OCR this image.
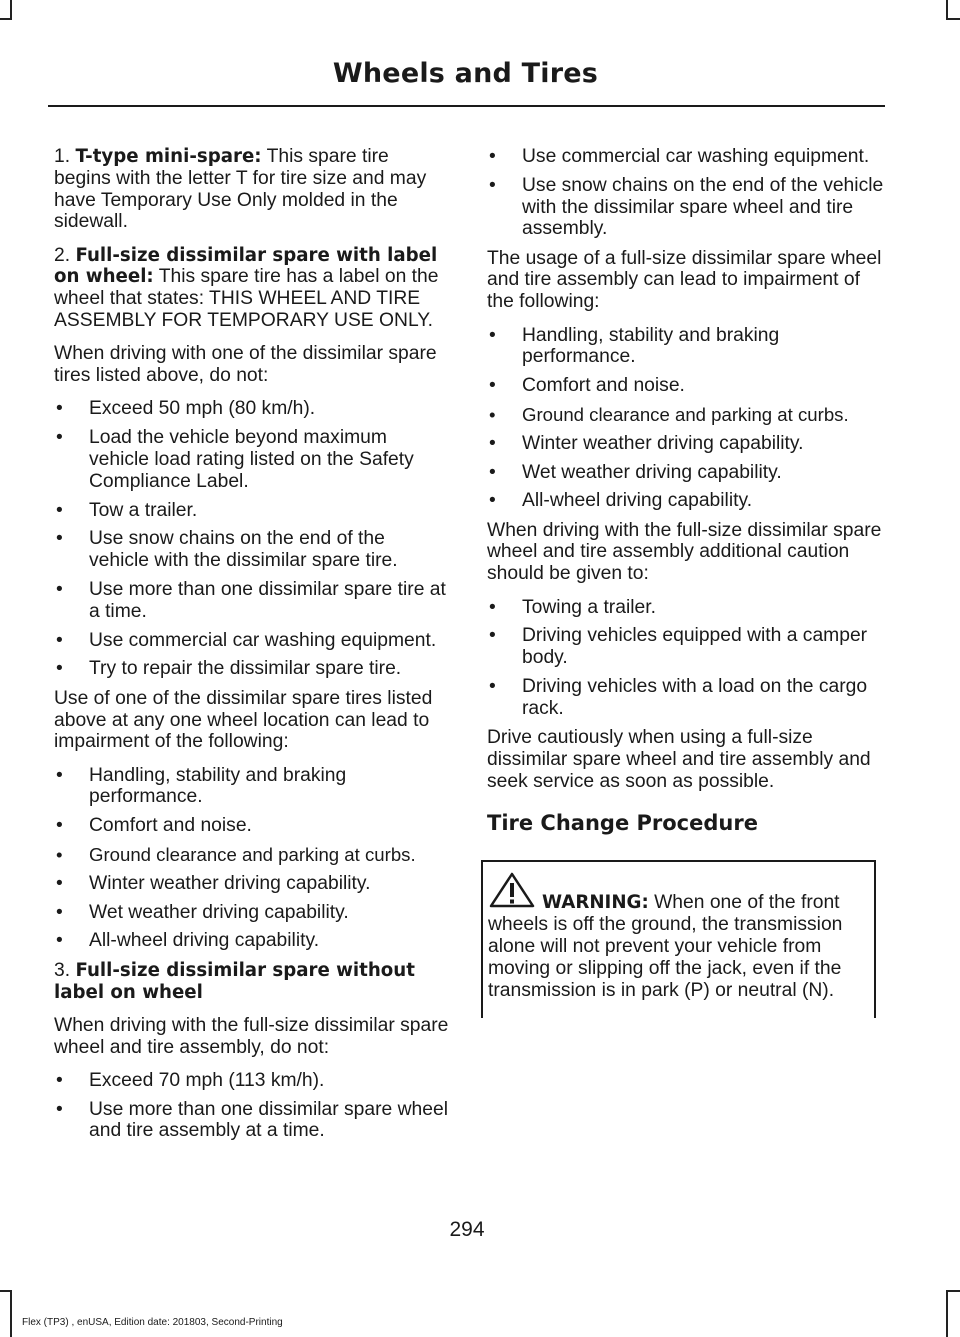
Wheels and Tires

1. T-type mini-spare: This spare tire begins with the letter T for tire size and may have Temporary Use Only molded in the sidewall.

2. Full-size dissimilar spare with label on wheel: This spare tire has a label on the wheel that states: THIS WHEEL AND TIRE ASSEMBLY FOR TEMPORARY USE ONLY.

When driving with one of the dissimilar spare tires listed above, do not:

• Exceed 50 mph (80 km/h).
• Load the vehicle beyond maximum vehicle load rating listed on the Safety Compliance Label.
• Tow a trailer.
• Use snow chains on the end of the vehicle with the dissimilar spare tire.
• Use more than one dissimilar spare tire at a time.
• Use commercial car washing equipment.
• Try to repair the dissimilar spare tire.

Use of one of the dissimilar spare tires listed above at any one wheel location can lead to impairment of the following:

• Handling, stability and braking performance.
• Comfort and noise.
• Ground clearance and parking at curbs.
• Winter weather driving capability.
• Wet weather driving capability.
• All-wheel driving capability.

3. Full-size dissimilar spare without label on wheel

When driving with the full-size dissimilar spare wheel and tire assembly, do not:

• Exceed 70 mph (113 km/h).
• Use more than one dissimilar spare wheel and tire assembly at a time.
• Use commercial car washing equipment.
• Use snow chains on the end of the vehicle with the dissimilar spare wheel and tire assembly.

The usage of a full-size dissimilar spare wheel and tire assembly can lead to impairment of the following:

• Handling, stability and braking performance.
• Comfort and noise.
• Ground clearance and parking at curbs.
• Winter weather driving capability.
• Wet weather driving capability.
• All-wheel driving capability.

When driving with the full-size dissimilar spare wheel and tire assembly additional caution should be given to:

• Towing a trailer.
• Driving vehicles equipped with a camper body.
• Driving vehicles with a load on the cargo rack.

Drive cautiously when using a full-size dissimilar spare wheel and tire assembly and seek service as soon as possible.

Tire Change Procedure
WARNING: When one of the front wheels is off the ground, the transmission alone will not prevent your vehicle from moving or slipping off the jack, even if the transmission is in park (P) or neutral (N).
294
Flex (TP3) , enUSA, Edition date: 201803, Second-Printing
